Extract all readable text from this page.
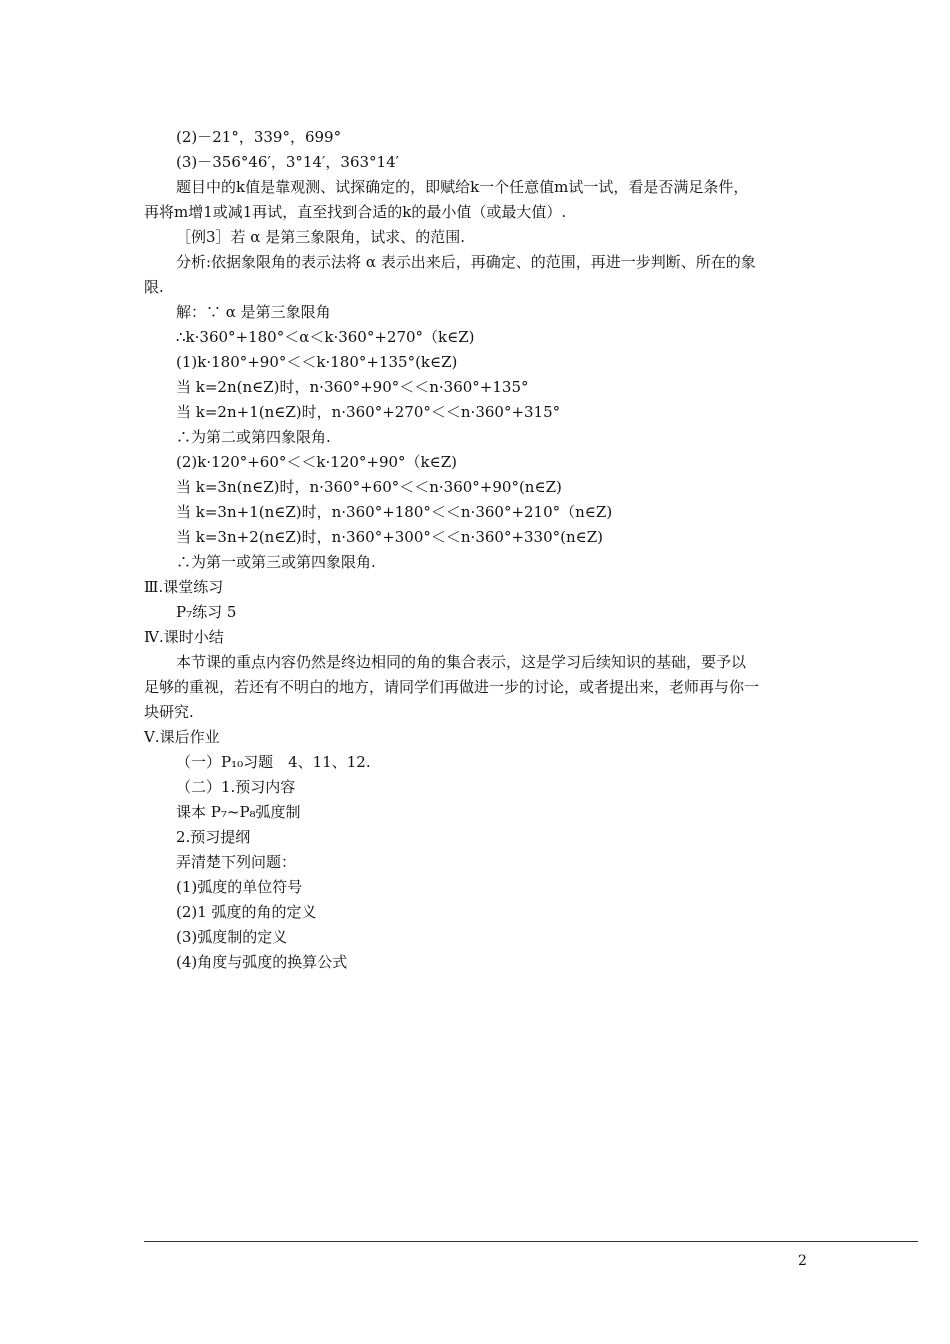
(2)－21°，339°，699°
(3)－356°46′，3°14′，363°14′
题目中的k值是靠观测、试探确定的，即赋给k一个任意值m试一试，看是否满足条件，
再将m增1或减1再试，直至找到合适的k的最小值（或最大值）.
［例3］若 α 是第三象限角，试求、的范围.
分析:依据象限角的表示法将 α 表示出来后，再确定、的范围，再进一步判断、所在的象
限.
解：∵ α 是第三象限角
∴k·360°+180°＜α＜k·360°+270°（k∈Z)
(1)k·180°+90°＜＜k·180°+135°(k∈Z)
当 k=2n(n∈Z)时，n·360°+90°＜＜n·360°+135°
当 k=2n+1(n∈Z)时，n·360°+270°＜＜n·360°+315°
∴为第二或第四象限角.
(2)k·120°+60°＜＜k·120°+90°（k∈Z)
当 k=3n(n∈Z)时，n·360°+60°＜＜n·360°+90°(n∈Z)
当 k=3n+1(n∈Z)时，n·360°+180°＜＜n·360°+210°（n∈Z)
当 k=3n+2(n∈Z)时，n·360°+300°＜＜n·360°+330°(n∈Z)
∴为第一或第三或第四象限角.
Ⅲ.课堂练习
P₇练习 5
Ⅳ.课时小结
本节课的重点内容仍然是终边相同的角的集合表示，这是学习后续知识的基础，要予以
足够的重视，若还有不明白的地方，请同学们再做进一步的讨论，或者提出来，老师再与你一
块研究.
Ⅴ.课后作业
（一）P₁₀习题　4、11、12.
（二）1.预习内容
课本 P₇~P₈弧度制
2.预习提纲
弄清楚下列问题：
(1)弧度的单位符号
(2)1 弧度的角的定义
(3)弧度制的定义
(4)角度与弧度的换算公式
2
